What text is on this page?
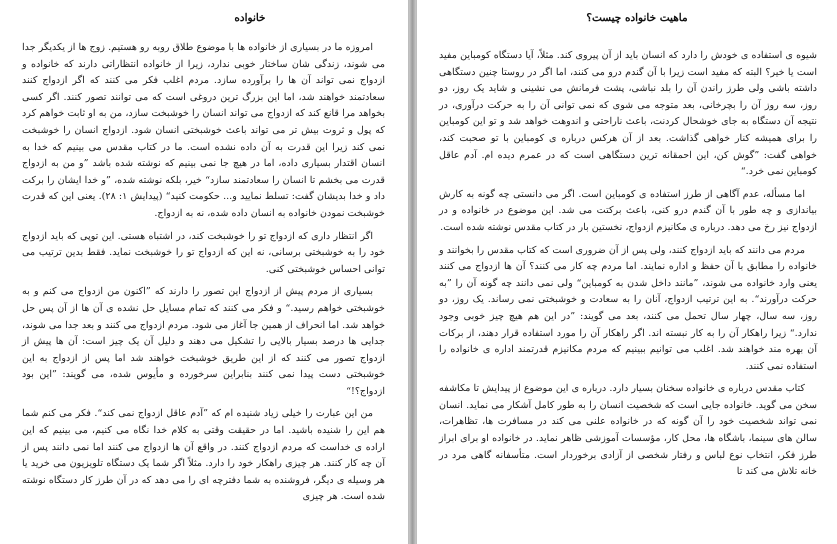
خانواده

امروزه ما در بسیاری از خانواده ها با موضوع طلاق روبه رو هستیم. زوج ها از یکدیگر جدا می شوند، زندگی شان ساختار خوبی ندارد، زیرا از خانواده انتظاراتی دارند که خانواده و ازدواج نمی تواند آن ها را برآورده سازد. مردم اغلب فکر می کنند که اگر ازدواج کنند سعادتمند خواهند شد، اما این بزرگ ترین دروغی است که می توانند تصور کنند. اگر کسی بخواهد مرا قانع کند که ازدواج می تواند انسان را خوشبخت سازد، من به او ثابت خواهم کرد که پول و ثروت بیش تر می تواند باعث خوشبختی انسان شود. ازدواج انسان را خوشبخت نمی کند زیرا این قدرت به آن داده نشده است. ما در کتاب مقدس می بینیم که خدا به انسان اقتدار بسیاری داده، اما در هیچ جا نمی بینیم که نوشته شده باشد ”و من به ازدواج قدرت می بخشم تا انسان را سعادتمند سازد“ خیر، بلکه نوشته شده، ”و خدا ایشان را برکت داد و خدا بدیشان گفت: تسلط نمایید و... حکومت کنید“ (پیدایش ۱: ۲۸). یعنی این که قدرت خوشبخت نمودن خانواده به انسان داده شده، نه به ازدواج.

اگر انتظار داری که ازدواج تو را خوشبخت کند، در اشتباه هستی. این توپی که باید ازدواج خود را به خوشبختی برسانی، نه این که ازدواج تو را خوشبخت نماید. فقط بدین ترتیب می توانی احساس خوشبختی کنی.

بسیاری از مردم پیش از ازدواج این تصور را دارند که ”اکنون من ازدواج می کنم و به خوشبختی خواهم رسید.“ و فکر می کنند که تمام مسایل حل نشده ی آن ها از آن پس حل خواهد شد. اما انحراف از همین جا آغاز می شود. مردم ازدواج می کنند و بعد جدا می شوند، جدایی ها درصد بسیار بالایی را تشکیل می دهند و دلیل آن یک چیز است: آن ها پیش از ازدواج تصور می کنند که از این طریق خوشبخت خواهند شد اما پس از ازدواج به این خوشبختی دست پیدا نمی کنند بنابراین سرخورده و مأیوس شده، می گویند: ”این بود ازدواج؟!“

من این عبارت را خیلی زیاد شنیده ام که ”آدم عاقل ازدواج نمی کند“. فکر می کنم شما هم این را شنیده باشید. اما در حقیقت وقتی به کلام خدا نگاه می کنیم، می بینیم که این اراده ی خداست که مردم ازدواج کنند. در واقع آن ها ازدواج می کنند اما نمی دانند پس از آن چه کار کنند. هر چیزی راهکار خود را دارد. مثلاً اگر شما یک دستگاه تلویزیون می خرید یا هر وسیله ی دیگر، فروشنده به شما دفترچه ای را می دهد که در آن طرز کار دستگاه نوشته شده است. هر چیزی

ماهیت خانواده چیست؟

شیوه ی استفاده ی خودش را دارد که انسان باید از آن پیروی کند. مثلاً، آیا دستگاه کومباین مفید است یا خیر؟ البته که مفید است زیرا با آن گندم درو می کنند، اما اگر در روستا چنین دستگاهی داشته باشی ولی طرز راندن آن را بلد نباشی، پشت فرمانش می نشینی و شاید یک روز، دو روز، سه روز آن را بچرخانی، بعد متوجه می شوی که نمی توانی آن را به حرکت درآوری، در نتیجه آن دستگاه به جای خوشحال کردنت، باعث ناراحتی و اندوهت خواهد شد و تو این کومباین را برای همیشه کنار خواهی گذاشت. بعد از آن هرکس درباره ی کومباین با تو صحبت کند، خواهی گفت: ”گوش کن، این احمقانه ترین دستگاهی است که در عمرم دیده ام. آدم عاقل کومباین نمی خرد.“

اما مسأله، عدم آگاهی از طرز استفاده ی کومباین است. اگر می دانستی چه گونه به کارش بیاندازی و چه طور با آن گندم درو کنی، باعث برکتت می شد. این موضوع در خانواده و در ازدواج نیز رخ می دهد. درباره ی مکانیزم ازدواج، نخستین بار در کتاب مقدس نوشته شده است.

مردم می دانند که باید ازدواج کنند، ولی پس از آن ضروری است که کتاب مقدس را بخوانند و خانواده را مطابق با آن حفظ و اداره نمایند. اما مردم چه کار می کنند؟ آن ها ازدواج می کنند یعنی وارد خانواده می شوند، ”مانند داخل شدن به کومباین“ ولی نمی دانند چه گونه آن را ”به حرکت درآورند“. به این ترتیب ازدواج، آنان را به سعادت و خوشبختی نمی رساند. یک روز، دو روز، سه سال، چهار سال تحمل می کنند، بعد می گویند: ”در این هم هیچ چیز خوبی وجود ندارد.“ زیرا راهکار آن را به کار نبسته اند. اگر راهکار آن را مورد استفاده قرار دهند، از برکات آن بهره مند خواهند شد. اغلب می توانیم ببینیم که مردم مکانیزم قدرتمند اداره ی خانواده را استفاده نمی کنند.

کتاب مقدس درباره ی خانواده سخنان بسیار دارد. درباره ی این موضوع از پیدایش تا مکاشفه سخن می گوید. خانواده جایی است که شخصیت انسان را به طور کامل آشکار می نماید. انسان نمی تواند شخصیت خود را آن گونه که در خانواده علنی می کند در مسافرت ها، تظاهرات، سالن های سینما، باشگاه ها، محل کار، مؤسسات آموزشی ظاهر نماید. در خانواده او برای ابراز طرز فکر، انتخاب نوع لباس و رفتار شخصی از آزادی برخوردار است. متأسفانه گاهی مرد در خانه تلاش می کند تا
